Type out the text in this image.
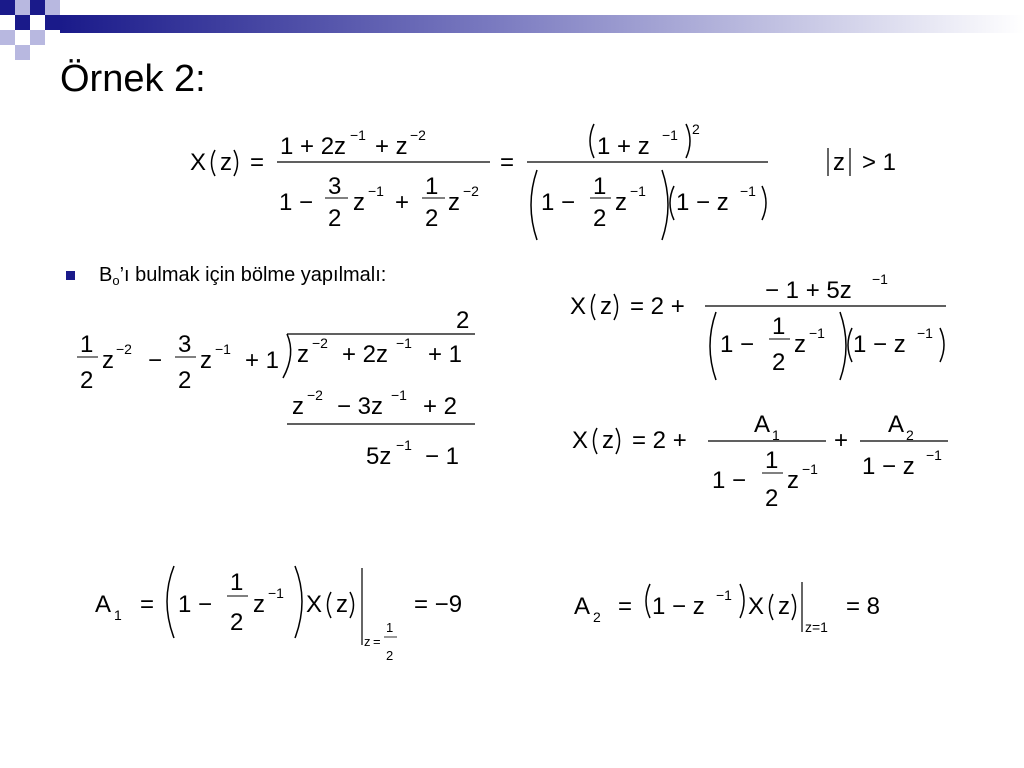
Örnek 2:
$B_o’ı$ bulmak için bölme yapılmalı:
X z =
1 + 2z −1 + z −2
1 −
3
2
z −1 +
1
2
z −2
=
1 + z −1 2
1 −
1
2
z −1 1 − z −1
z > 1
2
1
2
z −2 −
3
2
z −1 + 1 z −2 + 2z −1 + 1
z −2 − 3z −1 + 2
5z −1 − 1
X z = 2 +
− 1 + 5z −1
1 −
1
2
z −1 1 − z −1
X z = 2 +
A 1
1 −
1
2
z −1
+
A 2
1 − z −1
A 1 = 1 −
1
2
z −1 X z
z =
1
2
= −9	A 2 = 1 − z −1 X z
z=1
= 8
